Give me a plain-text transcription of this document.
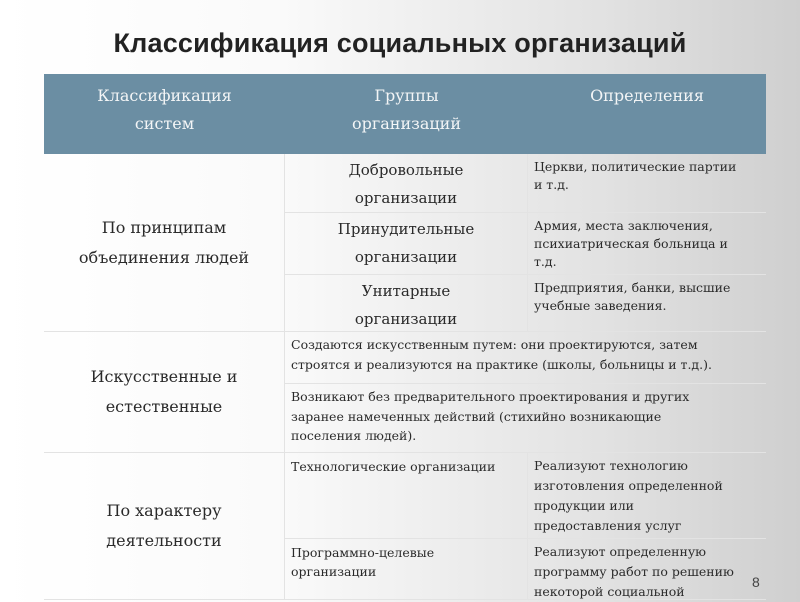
Классификация социальных организаций
Классификация
систем
Группы
организаций
Определения
По принципам
объединения людей
Добровольные
организации
Церкви, политические партии
и т.д.
Принудительные
организации
Армия, места заключения,
психиатрическая больница и
т.д.
Унитарные
организации
Предприятия, банки, высшие
учебные заведения.
Искусственные и
естественные
Создаются искусственным путем: они проектируются, затем
строятся и реализуются на практике (школы, больницы и т.д.).
Возникают без предварительного проектирования и других
заранее намеченных действий (стихийно возникающие
поселения людей).
По характеру
деятельности
Технологические организации	Реализуют технологию
изготовления определенной
продукции или
предоставления услуг
Программно-целевые
организации
Реализуют определенную
программу работ по решению
некоторой социальной
8
